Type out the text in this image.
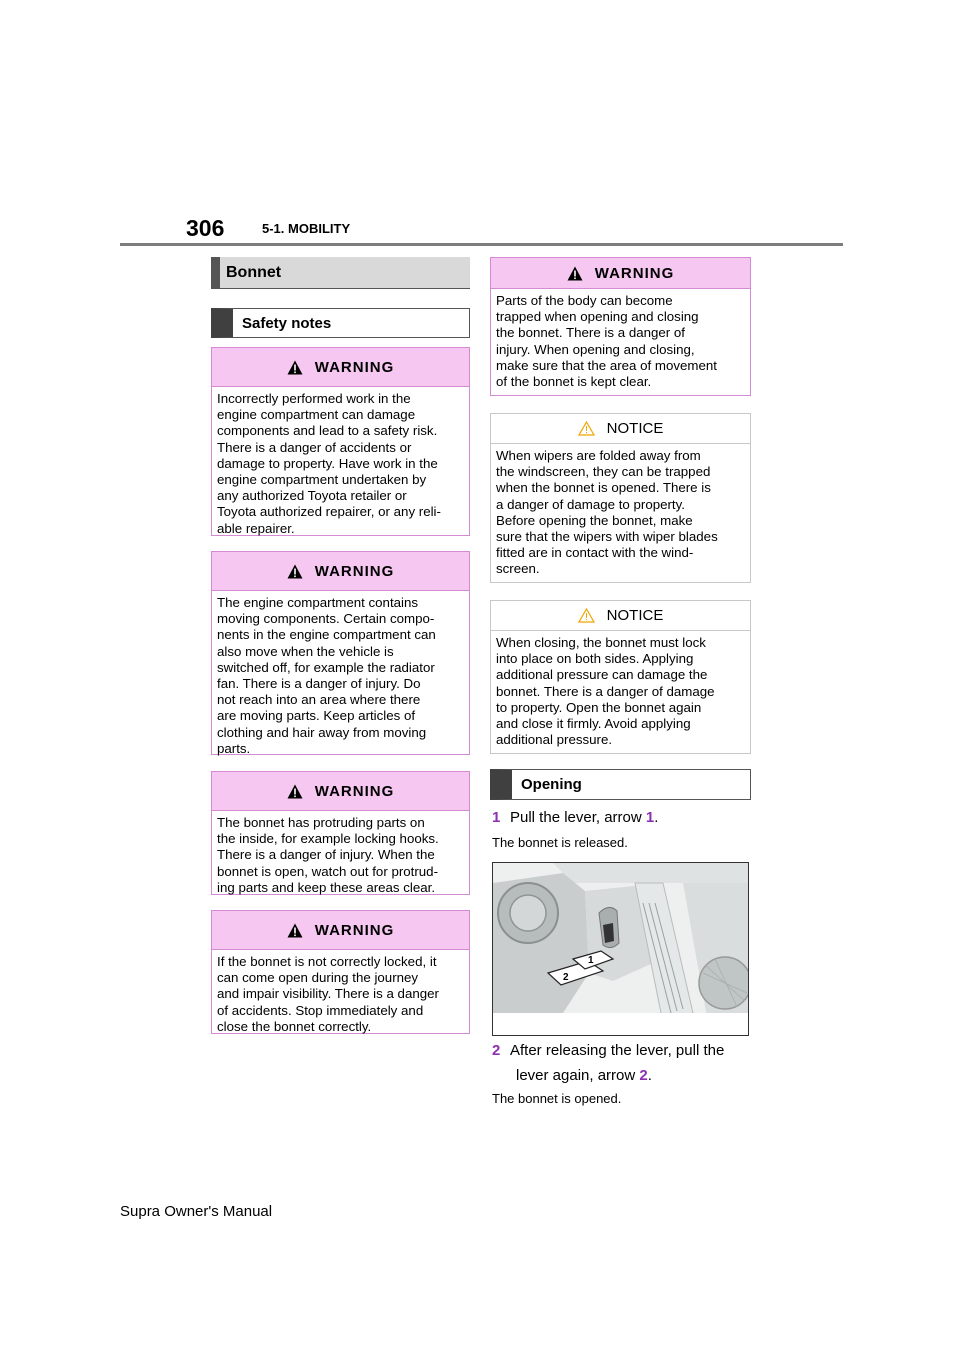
306	5-1. MOBILITY
Bonnet
Safety notes
WARNING
Incorrectly performed work in the
engine compartment can damage
components and lead to a safety risk.
There is a danger of accidents or
damage to property. Have work in the
engine compartment undertaken by
any authorized Toyota retailer or
Toyota authorized repairer, or any reli-
able repairer.
WARNING
The engine compartment contains
moving components. Certain compo-
nents in the engine compartment can
also move when the vehicle is
switched off, for example the radiator
fan. There is a danger of injury. Do
not reach into an area where there
are moving parts. Keep articles of
clothing and hair away from moving
parts.
WARNING
The bonnet has protruding parts on
the inside, for example locking hooks.
There is a danger of injury. When the
bonnet is open, watch out for protrud-
ing parts and keep these areas clear.
WARNING
If the bonnet is not correctly locked, it
can come open during the journey
and impair visibility. There is a danger
of accidents. Stop immediately and
close the bonnet correctly.
WARNING
Parts of the body can become
trapped when opening and closing
the bonnet. There is a danger of
injury. When opening and closing,
make sure that the area of movement
of the bonnet is kept clear.
NOTICE
When wipers are folded away from
the windscreen, they can be trapped
when the bonnet is opened. There is
a danger of damage to property.
Before opening the bonnet, make
sure that the wipers with wiper blades
fitted are in contact with the wind-
screen.
NOTICE
When closing, the bonnet must lock
into place on both sides. Applying
additional pressure can damage the
bonnet. There is a danger of damage
to property. Open the bonnet again
and close it firmly. Avoid applying
additional pressure.
Opening
1 Pull the lever, arrow 1.
The bonnet is released.
2
1
2 After releasing the lever, pull the
lever again, arrow 2.
The bonnet is opened.
Supra Owner's Manual
